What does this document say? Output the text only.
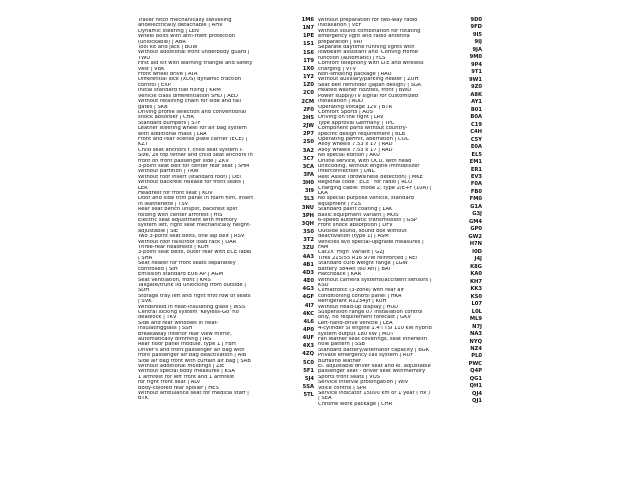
Trailer hitch mechanically swivelling
andelectrically detachable | AHV
Dynamic steering | LEN
Wheel bolts with anti-theft protection
(unlockable) | ABR
Tool kit and jack | BOW
Without additional front underbody guard |
TWU
First aid kit with warning triangle and safety
vest | VBK
Front wheel drive | ATA
Differential lock (XDS) dynamic traction
control | EXP
Initial standard fuel filling | KRM
Vehicle class differentiation SHD | AED
Without retaining chain for side and tail
gates | SKB
Driving profile selection and conventional
shock absorber | CHA
Standard bumpers | STF
Leather steering wheel for air bag system
with additional mass | LRA
Front and rear license plate carrier (ECE) |
KZT
Child seat anchors f. child seat system i-
Size, 2x top tether and child seat anchors in
front on front passenger side | ZKV
3-point seat belt for center rear seat | SHM
Without partition | TRW
Without roof insert (standard roof) | DEI
Without backrest release for front seats |
LER
Headrest for front seat | KOV
Door and side trim panel in foam film, insert
in leatherette | TSV
Rear seat bench unsplit, backrest split
folding with center armrest | HIS
Electric seat adjustment with memory
system left, right seat mechanically height-
adjustable | SIE
Two 3-point seat belts, one lap belt | RSV
Without roof rails/roof load rack | DAR
Three-rear headrests | KOH
3-point seat belts, outer rear with ECE label
| SHA
Seat heater for front seats separately
controlled | SIH
Emission standard EU6 AP | AGM
Seat ventilation, front | KMS
Tailgate/trunk lid unlocking from outside |
SDH
Storage tray left and right first row of seats
| SVK
Windshield in heat-insulating glass | WSS
Central locking system 'Keyless-Go' no
deadlock | TKV
Side and rear windows in heat-
insulatingglass | SSH
Breakaway interior rear view mirror,
automatically dimming | IRS
Rear floor panel module, type 1 | FBH
Driver's and front passenger air bag with
front passenger air bag deactivation | AIB
Side air bag front with curtain air bag | SAB
Without additional moldings | ZIE
Without special body measures | KSA
1 armrest for left front and 1 armrest
for right front seat | ALV
Body-colored rear spoiler | HES
Without ambulance seat for medical staff |
BTK
1M6
1N7
1PE
1S1
1S6
1T9
1X0
1Y2
1Z0
2C0
2CM
2F0
2H5
2JW
2P7
2S0
3A2
3C7
3CA
3FA
3H0
3I9
3L3
3NU
3PH
3QH
3S0
3T2
3ZU
4A3
4B1
4D3
4E0
4G3
4GF
4I7
4KC
4L6
4P0
4UF
4X3
4ZQ
5C0
5F1
5J4
5SA
5TL
Without preparation for two-way radio
installation | VEF
Without sound combination for rotating
emergency light and radio antenna
preparation | VRT
Separate daytime running lights with
lowbeam assistant and 'Coming Home'
function (automatic) | FLS
Comfort telephony with LTE and wireless
charging | VTV
Non-smoking package | RAU
Without auxiliary/parking heater | ZUH
Seat belt reminder (Japan design) | SGK
Heated washer nozzles, front | BWD
Power supply/TV signal for customized
installation | AUD
Operating voltage 12V | BTR
Comfort Sports | AUS
Driving on the right | LRV
Type approval Germany | TPL
Component parts without country-
specific design requirement | BLB
Operating permit, aberration | COC
Alloy wheels 7.53 x 17 | RAD
Alloy wheels 7.53 x 17 | RAD
No special edition | AKU
Online service, with OCU, with head
unitcoding, without engine immobilizer
interconnection | ONL
Rest Assist (drowsiness detection) | MKE
Regional code ' ECE ' for radio | RCO
Charging cable: mode 2, type 2/E+F (10A) |
LKA
No special purpose vehicle, standard
equipment | FZS
Standard paint coating | LAK
Basic equipment variant | MOS
6-speed automatic transmission | GSP
Front shock absorption | DFV
Outside sound, sound box without
deactivation (type 1) | ASM
Vehicles w/o special-upgrade measures |
FAM
Car2X 'High' variant | G2J
Tires 215/55 R16 97W reinforced | REI
Standard curb weight range | LGW
Battery 384Ah (60 Ah) | BAT
Hatchback | KAR
Without camera systems/accident sensors |
KSU
Climatronic (3-zone) with rear air
conditioning control panel | HKA
Refrigerant R1234yf | KUH
Without head-up display | HUD
Suspension range 07 installation control
only, no requirement forecast | GKV
Left-hand-drive vehicle | LEA
4-cylinder SI engine 1.4 l TSI 110 kW hybrid
system output 180 kW | MOT
Fan leather seat coverings, seat innerwith
hole pattern | SSB
Standard battery/alternator capacity | BGK
Private emergency call system | RUF
Buffalino leather
El. adjustable driver seat and el. adjustable
passenger seat - driver seat withmemory
Sports front seats | VOS
Service interval prolongation | WIV
Voice control | SPR
Service indicator 15000 km or 1 year ( fix )
| SEA
Chrome work package | CHR
9D0
9FD
9I5
9IJ
9JA
9M0
9P4
9T1
9W1
9Z0
A8K
AY1
B01
B0A
C19
C4H
C5Y
E0A
EL5
EM1
ER1
EV3
F0A
FB0
FM0
G1A
G3J
GM4
GP0
GW2
H7N
I0D
J4J
K8G
KA0
KH7
KK3
KS0
L07
L0L
ML9
N7J
NA3
NYQ
NZ4
PL0
PWC
Q4P
QG1
QH1
QJ4
QJ1
